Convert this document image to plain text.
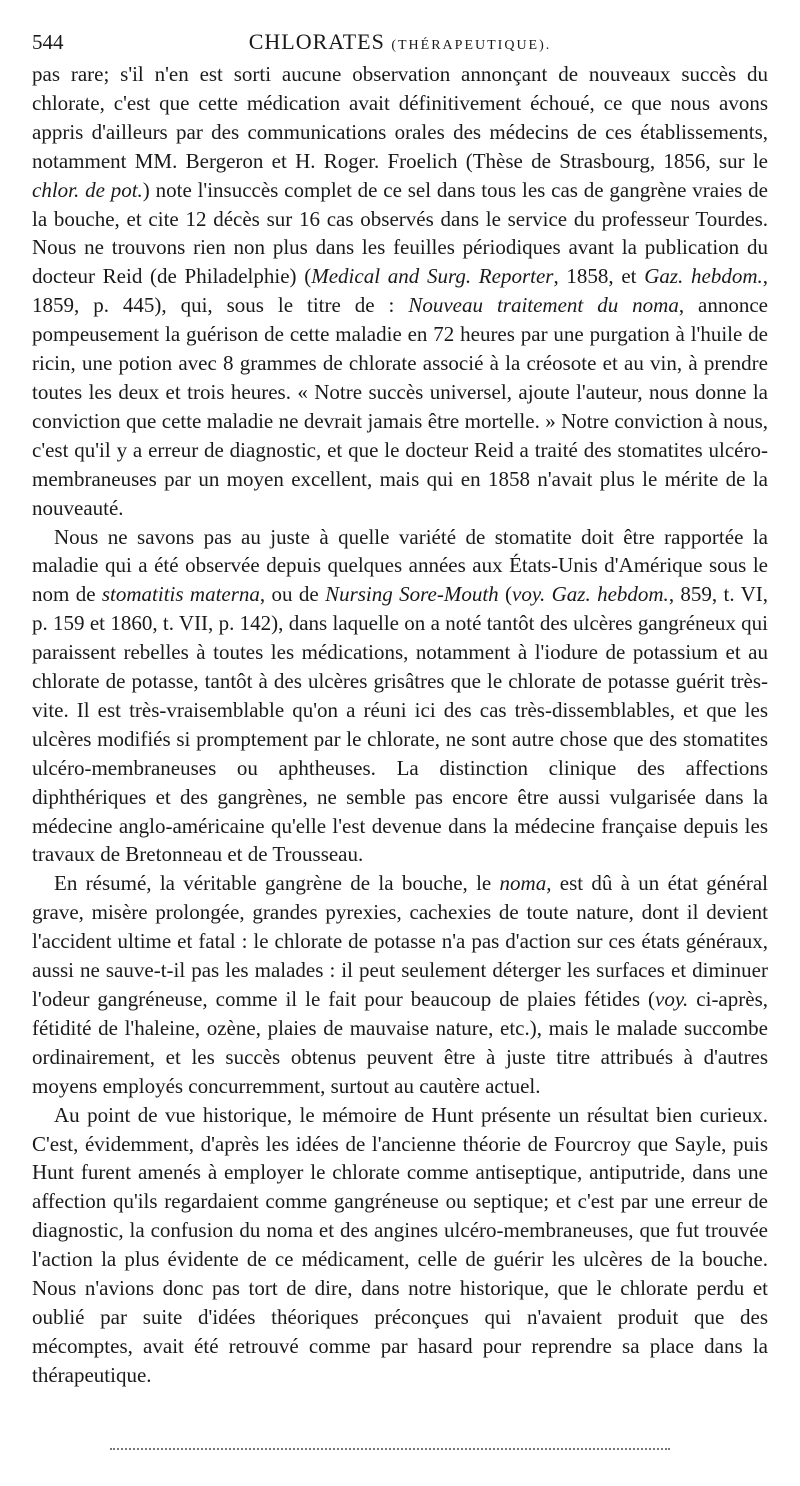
544	CHLORATES (THÉRAPEUTIQUE).

pas rare; s'il n'en est sorti aucune observation annonçant de nouveaux succès du chlorate, c'est que cette médication avait définitivement échoué, ce que nous avons appris d'ailleurs par des communications orales des médecins de ces établissements, notamment MM. Bergeron et H. Roger. Froelich (Thèse de Strasbourg, 1856, sur le chlor. de pot.) note l'insuccès complet de ce sel dans tous les cas de gangrène vraies de la bouche, et cite 12 décès sur 16 cas observés dans le service du professeur Tourdes. Nous ne trouvons rien non plus dans les feuilles périodiques avant la publication du docteur Reid (de Philadelphie) (Medical and Surg. Reporter, 1858, et Gaz. hebdom., 1859, p. 445), qui, sous le titre de : Nouveau traitement du noma, annonce pompeusement la guérison de cette maladie en 72 heures par une purgation à l'huile de ricin, une potion avec 8 grammes de chlorate associé à la créosote et au vin, à prendre toutes les deux et trois heures. « Notre succès universel, ajoute l'auteur, nous donne la conviction que cette maladie ne devrait jamais être mortelle. » Notre conviction à nous, c'est qu'il y a erreur de diagnostic, et que le docteur Reid a traité des stomatites ulcéro-membraneuses par un moyen excellent, mais qui en 1858 n'avait plus le mérite de la nouveauté.

Nous ne savons pas au juste à quelle variété de stomatite doit être rapportée la maladie qui a été observée depuis quelques années aux États-Unis d'Amérique sous le nom de stomatitis materna, ou de Nursing Sore-Mouth (voy. Gaz. hebdom., 859, t. VI, p. 159 et 1860, t. VII, p. 142), dans laquelle on a noté tantôt des ulcères gangréneux qui paraissent rebelles à toutes les médications, notamment à l'iodure de potassium et au chlorate de potasse, tantôt à des ulcères grisâtres que le chlorate de potasse guérit très-vite. Il est très-vraisemblable qu'on a réuni ici des cas très-dissemblables, et que les ulcères modifiés si promptement par le chlorate, ne sont autre chose que des stomatites ulcéro-membraneuses ou aphtheuses. La distinction clinique des affections diphthériques et des gangrènes, ne semble pas encore être aussi vulgarisée dans la médecine anglo-américaine qu'elle l'est devenue dans la médecine française depuis les travaux de Bretonneau et de Trousseau.

En résumé, la véritable gangrène de la bouche, le noma, est dû à un état général grave, misère prolongée, grandes pyrexies, cachexies de toute nature, dont il devient l'accident ultime et fatal : le chlorate de potasse n'a pas d'action sur ces états généraux, aussi ne sauve-t-il pas les malades : il peut seulement déterger les surfaces et diminuer l'odeur gangréneuse, comme il le fait pour beaucoup de plaies fétides (voy. ci-après, fétidité de l'haleine, ozène, plaies de mauvaise nature, etc.), mais le malade succombe ordinairement, et les succès obtenus peuvent être à juste titre attribués à d'autres moyens employés concurremment, surtout au cautère actuel.

Au point de vue historique, le mémoire de Hunt présente un résultat bien curieux. C'est, évidemment, d'après les idées de l'ancienne théorie de Fourcroy que Sayle, puis Hunt furent amenés à employer le chlorate comme antiseptique, antiputride, dans une affection qu'ils regardaient comme gangréneuse ou septique; et c'est par une erreur de diagnostic, la confusion du noma et des angines ulcéro-membraneuses, que fut trouvée l'action la plus évidente de ce médicament, celle de guérir les ulcères de la bouche. Nous n'avions donc pas tort de dire, dans notre historique, que le chlorate perdu et oublié par suite d'idées théoriques préconçues qui n'avaient produit que des mécomptes, avait été retrouvé comme par hasard pour reprendre sa place dans la thérapeutique.
